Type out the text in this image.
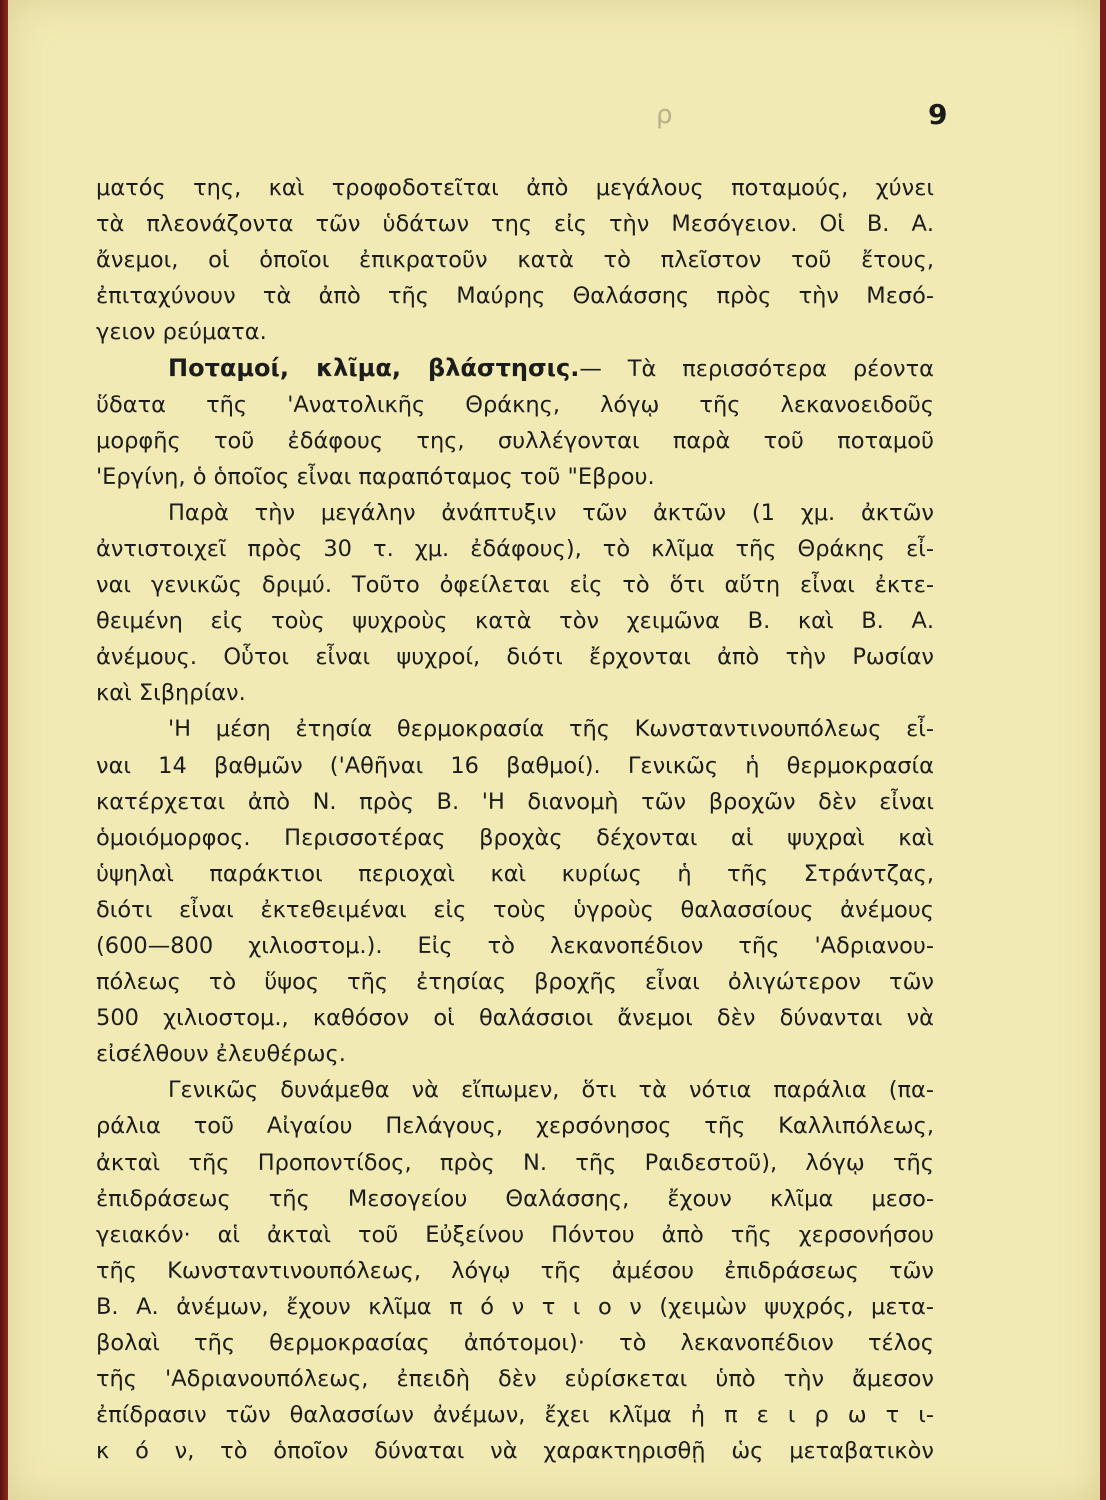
ρ	9
ματός της, καὶ τροφοδοτεῖται ἀπὸ μεγάλους ποταμούς, χύνει
τὰ πλεονάζοντα τῶν ὑδάτων της εἰς τὴν Μεσόγειον. Οἱ Β. Α.
ἄνεμοι, οἱ ὁποῖοι ἐπικρατοῦν κατὰ τὸ πλεῖστον τοῦ ἔτους,
ἐπιταχύνουν τὰ ἀπὸ τῆς Μαύρης Θαλάσσης πρὸς τὴν Μεσό-
γειον ρεύματα.
Ποταμοί, κλῖμα, βλάστησις.— Τὰ περισσότερα ρέοντα
ὕδατα τῆς 'Ανατολικῆς Θράκης, λόγῳ τῆς λεκανοειδοῦς
μορφῆς τοῦ ἐδάφους της, συλλέγονται παρὰ τοῦ ποταμοῦ
'Εργίνη, ὁ ὁποῖος εἶναι παραπόταμος τοῦ "Εβρου.
Παρὰ τὴν μεγάλην ἀνάπτυξιν τῶν ἀκτῶν (1 χμ. ἀκτῶν
ἀντιστοιχεῖ πρὸς 30 τ. χμ. ἐδάφους), τὸ κλῖμα τῆς Θράκης εἶ-
ναι γενικῶς δριμύ. Τοῦτο ὀφείλεται εἰς τὸ ὅτι αὕτη εἶναι ἐκτε-
θειμένη εἰς τοὺς ψυχροὺς κατὰ τὸν χειμῶνα Β. καὶ Β. Α.
ἀνέμους. Οὗτοι εἶναι ψυχροί, διότι ἔρχονται ἀπὸ τὴν Ρωσίαν
καὶ Σιβηρίαν.
'Η μέση ἐτησία θερμοκρασία τῆς Κωνσταντινουπόλεως εἶ-
ναι 14 βαθμῶν ('Αθῆναι 16 βαθμοί). Γενικῶς ἡ θερμοκρασία
κατέρχεται ἀπὸ Ν. πρὸς Β. 'Η διανομὴ τῶν βροχῶν δὲν εἶναι
ὁμοιόμορφος. Περισσοτέρας βροχὰς δέχονται αἱ ψυχραὶ καὶ
ὑψηλαὶ παράκτιοι περιοχαὶ καὶ κυρίως ἡ τῆς Στράντζας,
διότι εἶναι ἐκτεθειμέναι εἰς τοὺς ὑγροὺς θαλασσίους ἀνέμους
(600—800 χιλιοστομ.). Εἰς τὸ λεκανοπέδιον τῆς 'Αδριανου-
πόλεως τὸ ὕψος τῆς ἐτησίας βροχῆς εἶναι ὀλιγώτερον τῶν
500 χιλιοστομ., καθόσον οἱ θαλάσσιοι ἄνεμοι δὲν δύνανται νὰ
εἰσέλθουν ἐλευθέρως.
Γενικῶς δυνάμεθα νὰ εἴπωμεν, ὅτι τὰ νότια παράλια (πα-
ράλια τοῦ Αἰγαίου Πελάγους, χερσόνησος τῆς Καλλιπόλεως,
ἀκταὶ τῆς Προποντίδος, πρὸς Ν. τῆς Ραιδεστοῦ), λόγῳ τῆς
ἐπιδράσεως τῆς Μεσογείου Θαλάσσης, ἔχουν κλῖμα μεσο-
γειακόν· αἱ ἀκταὶ τοῦ Εὐξείνου Πόντου ἀπὸ τῆς χερσονήσου
τῆς Κωνσταντινουπόλεως, λόγῳ τῆς ἀμέσου ἐπιδράσεως τῶν
Β. Α. ἀνέμων, ἔχουν κλῖμα π ό ν τ ι ο ν (χειμὼν ψυχρός, μετα-
βολαὶ τῆς θερμοκρασίας ἀπότομοι)· τὸ λεκανοπέδιον τέλος
τῆς 'Αδριανουπόλεως, ἐπειδὴ δὲν εὑρίσκεται ὑπὸ τὴν ἄμεσον
ἐπίδρασιν τῶν θαλασσίων ἀνέμων, ἔχει κλῖμα ἠ π ε ι ρ ω τ ι-
κ ό ν, τὸ ὁποῖον δύναται νὰ χαρακτηρισθῇ ὡς μεταβατικὸν
